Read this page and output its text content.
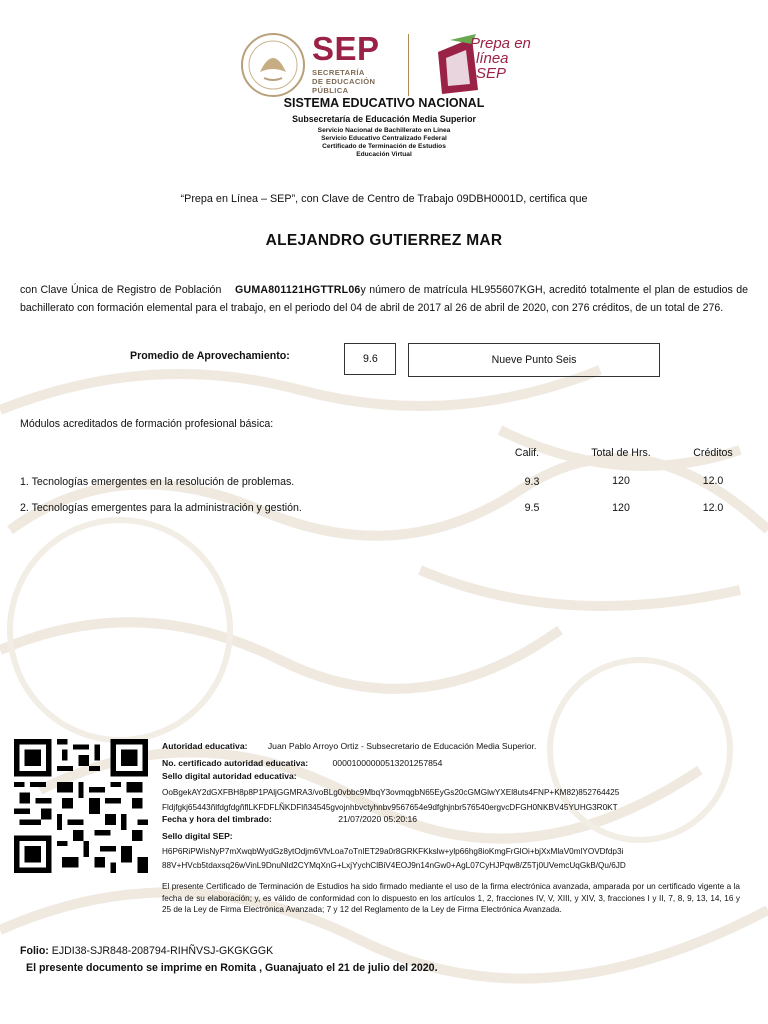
SEP
SECRETARÍA
DE EDUCACIÓN
PÚBLICA
Prepa en
línea
SEP
SISTEMA EDUCATIVO NACIONAL
Subsecretaría de Educación Media Superior
Servicio Nacional de Bachillerato en Línea
Servicio Educativo Centralizado Federal
Certificado de Terminación de Estudios
Educación Virtual
“Prepa en Línea – SEP”, con Clave de Centro de Trabajo 09DBH0001D, certifica que
ALEJANDRO GUTIERREZ MAR
con Clave Única de Registro de Población GUMA801121HGTTRL06y número de matrícula HL955607KGH, acreditó totalmente el plan de estudios de bachillerato con formación elemental para el trabajo, en el periodo del 04 de abril de 2017 al 26 de abril de 2020, con 276 créditos, de un total de 276.
Promedio de Aprovechamiento:	9.6	Nueve Punto Seis
Módulos acreditados de formación profesional básica:
Calif.	Total de Hrs.	Créditos
1. Tecnologías emergentes en la resolución de problemas.	9.3	120	12.0
2. Tecnologías emergentes para la administración y gestión.	9.5	120	12.0
Autoridad educativa: Juan Pablo Arroyo Ortiz - Subsecretario de Educación Media Superior.
No. certificado autoridad educativa:	00001000000513201257854
Sello digital autoridad educativa:
OoBgekAY2dGXFBH8p8P1PAljGGMRA3/voBLg0vbbc9MbqY3ovmqgbN65EyGs20cGMGlwYXEl8uts4FNP+KM82)852764425
Fldjfgkj65443ñlfdgfdgñflLKFDFLÑKDFlñ34545gvojnhbvctyhnbv9567654e9dfghjnbr576540ergvcDFGH0NKBV45YUHG3R0KT
Fecha y hora del timbrado:	21/07/2020 05:20:16
Sello digital SEP:
H6P6RiPWisNyP7mXwqbWydGz8ytOdjm6VfvLoa7oTnlET29a0r8GRKFKkslw+ylp66hg8ioKmgFrGlOi+bjXxMlaV0mlYOVDfdp3i
88V+HVcb5tdaxsq26wVinL9DnuNld2CYMqXnG+LxjYychClBiV4EOJ9n14nGw0+AgL07CyHJPqw8/Z5Tj0UVemcUqGkB/Qu/6JD
El presente Certificado de Terminación de Estudios ha sido firmado mediante el uso de la firma electrónica avanzada, amparada por un certificado vigente a la fecha de su elaboración; y, es válido de conformidad con lo dispuesto en los artículos 1, 2, fracciones IV, V, XIII, y XIV, 3, fracciones I y II, 7, 8, 9, 13, 14, 16 y 25 de la Ley de Firma Electrónica Avanzada; 7 y 12 del Reglamento de la Ley de Firma Electrónica Avanzada.
Folio: EJDI38-SJR848-208794-RIHÑVSJ-GKGKGGK
El presente documento se imprime en Romita , Guanajuato el 21 de julio del 2020.
